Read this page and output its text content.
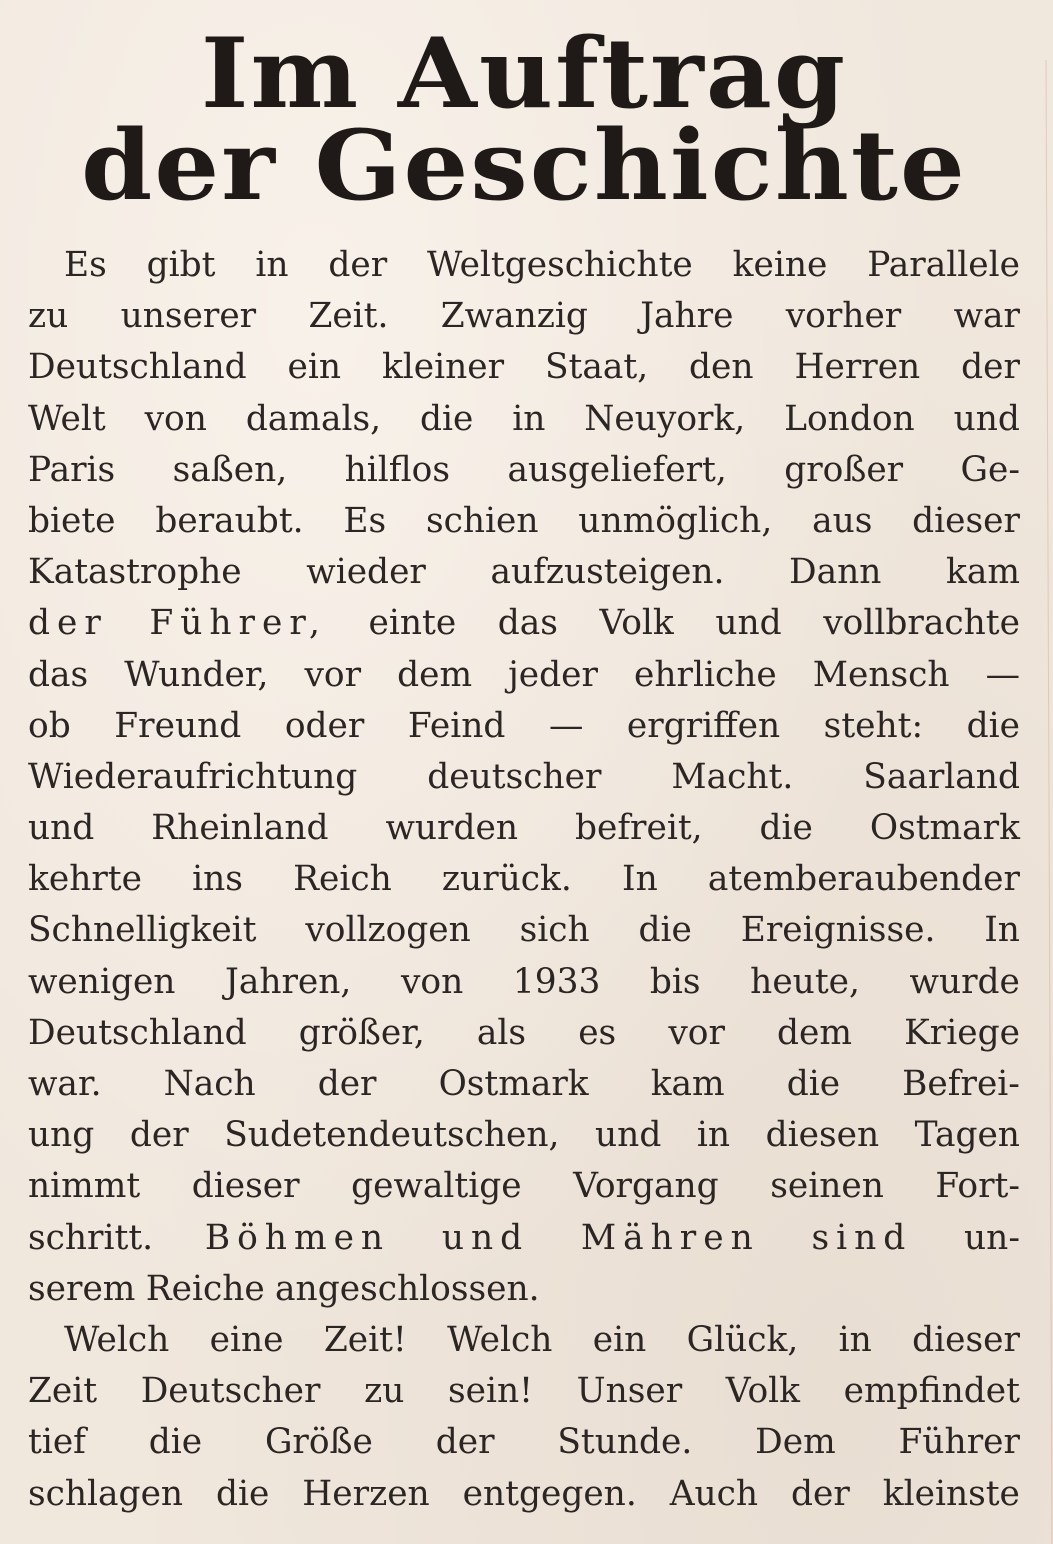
Im Auftrag
der Geschichte
Es gibt in der Weltgeschichte keine Parallele
zu unserer Zeit. Zwanzig Jahre vorher war
Deutschland ein kleiner Staat, den Herren der
Welt von damals, die in Neuyork, London und
Paris saßen, hilflos ausgeliefert, großer Ge-
biete beraubt. Es schien unmöglich, aus dieser
Katastrophe wieder aufzusteigen. Dann kam
der Führer, einte das Volk und vollbrachte
das Wunder, vor dem jeder ehrliche Mensch —
ob Freund oder Feind — ergriffen steht: die
Wiederaufrichtung deutscher Macht. Saarland
und Rheinland wurden befreit, die Ostmark
kehrte ins Reich zurück. In atemberaubender
Schnelligkeit vollzogen sich die Ereignisse. In
wenigen Jahren, von 1933 bis heute, wurde
Deutschland größer, als es vor dem Kriege
war. Nach der Ostmark kam die Befrei-
ung der Sudetendeutschen, und in diesen Tagen
nimmt dieser gewaltige Vorgang seinen Fort-
schritt. Böhmen und Mähren sind un-
serem Reiche angeschlossen.
Welch eine Zeit! Welch ein Glück, in dieser
Zeit Deutscher zu sein! Unser Volk empfindet
tief die Größe der Stunde. Dem Führer
schlagen die Herzen entgegen. Auch der kleinste
